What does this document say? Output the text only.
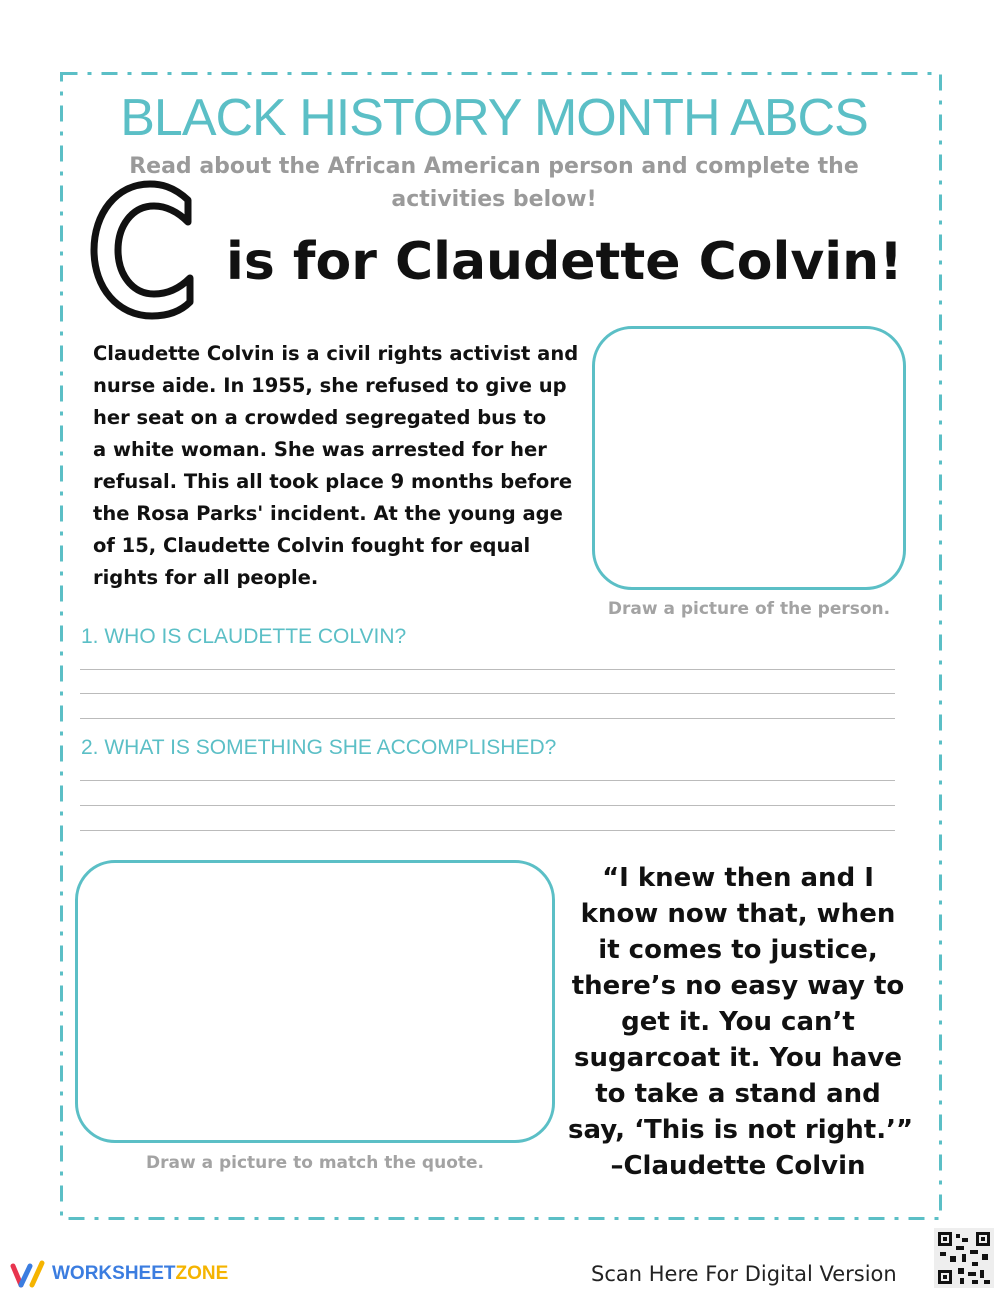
BLACK HISTORY MONTH ABCS
Read about the African American person and complete the
activities below!
is for Claudette Colvin!
Claudette Colvin is a civil rights activist and
nurse aide. In 1955, she refused to give up
her seat on a crowded segregated bus to
a white woman. She was arrested for her
refusal. This all took place 9 months before
the Rosa Parks' incident. At the young age
of 15, Claudette Colvin fought for equal
rights for all people.
Draw a picture of the person.
1. WHO IS CLAUDETTE COLVIN?
2. WHAT IS SOMETHING SHE ACCOMPLISHED?
Draw a picture to match the quote.
“I knew then and I
know now that, when
it comes to justice,
there’s no easy way to
get it. You can’t
sugarcoat it. You have
to take a stand and
say, ‘This is not right.’”
–Claudette Colvin
WORKSHEETZONE	Scan Here For Digital Version
